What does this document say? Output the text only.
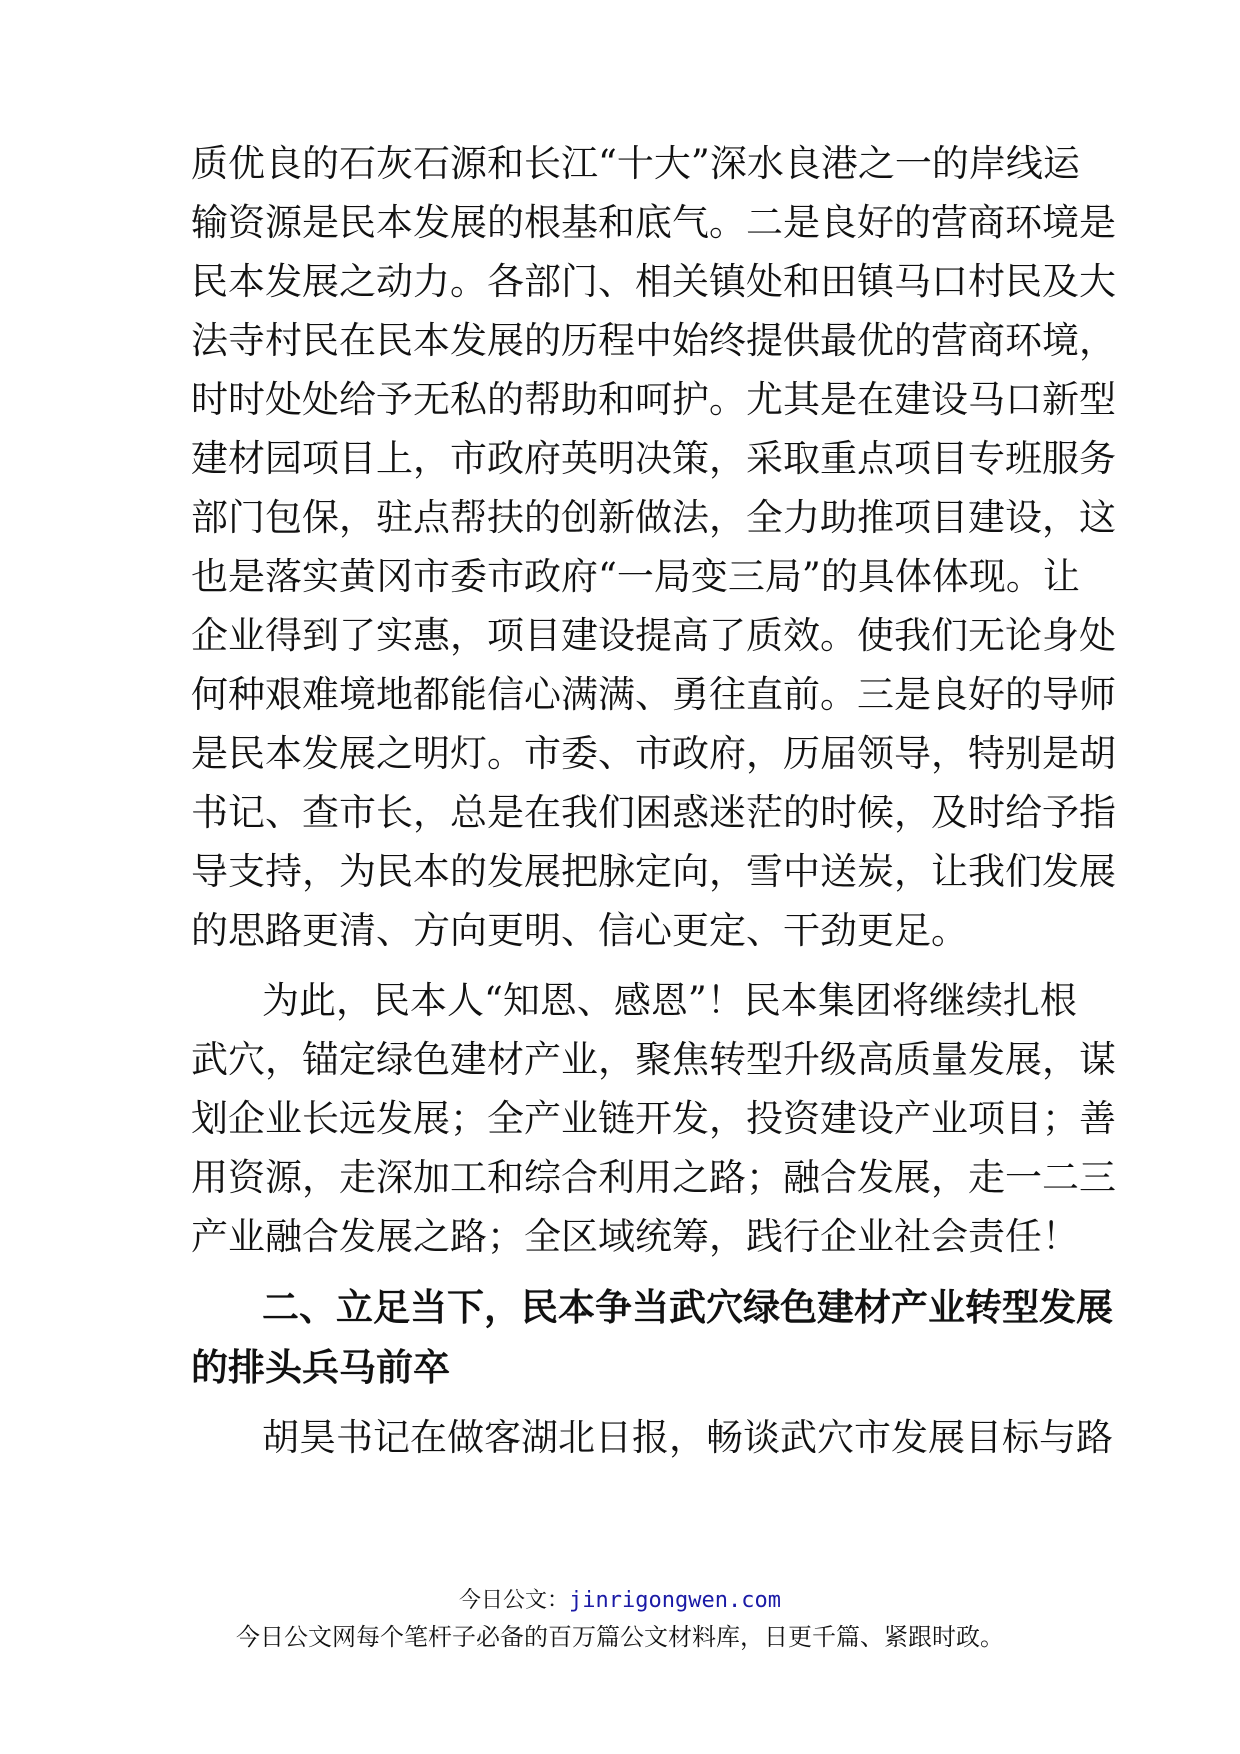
质优良的石灰石源和长江“十大”深水良港之一的岸线运
输资源是民本发展的根基和底气。二是良好的营商环境是
民本发展之动力。各部门、相关镇处和田镇马口村民及大
法寺村民在民本发展的历程中始终提供最优的营商环境，
时时处处给予无私的帮助和呵护。尤其是在建设马口新型
建材园项目上，市政府英明决策，采取重点项目专班服务
部门包保，驻点帮扶的创新做法，全力助推项目建设，这
也是落实黄冈市委市政府“一局变三局”的具体体现。让
企业得到了实惠，项目建设提高了质效。使我们无论身处
何种艰难境地都能信心满满、勇往直前。三是良好的导师
是民本发展之明灯。市委、市政府，历届领导，特别是胡
书记、查市长，总是在我们困惑迷茫的时候，及时给予指
导支持，为民本的发展把脉定向，雪中送炭，让我们发展
的思路更清、方向更明、信心更定、干劲更足。
为此，民本人“知恩、感恩”！民本集团将继续扎根
武穴，锚定绿色建材产业，聚焦转型升级高质量发展，谋
划企业长远发展；全产业链开发，投资建设产业项目；善
用资源，走深加工和综合利用之路；融合发展，走一二三
产业融合发展之路；全区域统筹，践行企业社会责任！
二、立足当下，民本争当武穴绿色建材产业转型发展
的排头兵马前卒
胡昊书记在做客湖北日报，畅谈武穴市发展目标与路
今日公文：jinrigongwen.com
今日公文网每个笔杆子必备的百万篇公文材料库，日更千篇、紧跟时政。
